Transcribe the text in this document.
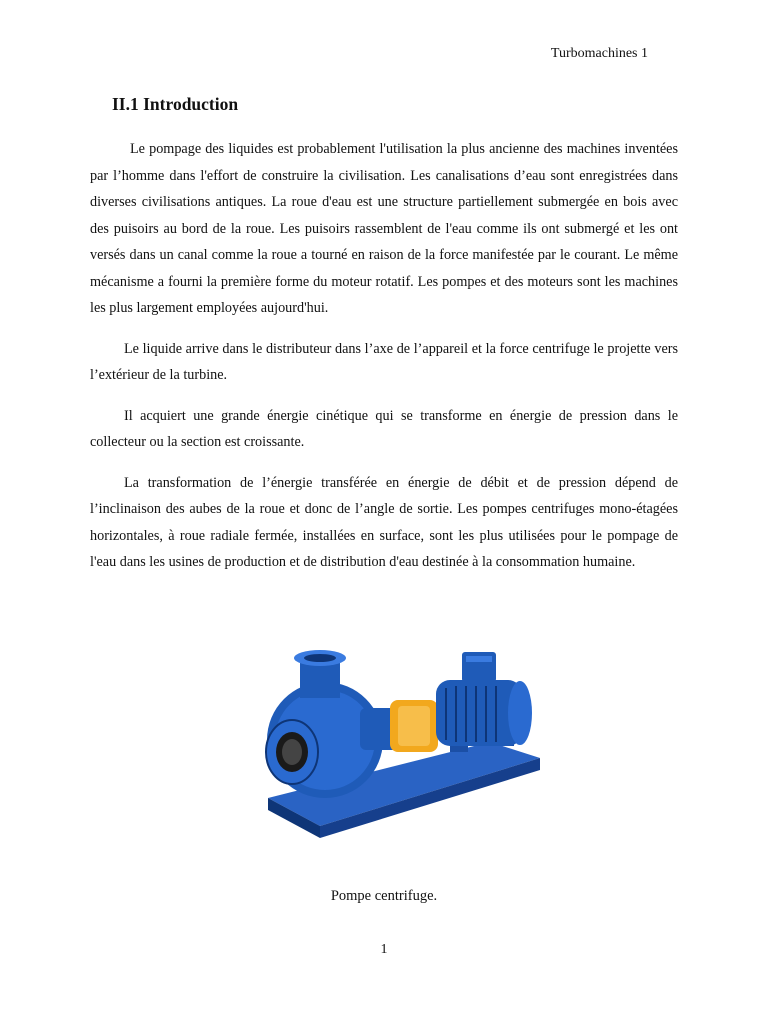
Turbomachines 1
II.1 Introduction

Le pompage des liquides est probablement l'utilisation la plus ancienne des machines inventées par l’homme dans l'effort de construire la civilisation. Les canalisations d’eau sont enregistrées dans diverses civilisations antiques. La roue d'eau est une structure partiellement submergée en bois avec des puisoirs au bord de la roue. Les puisoirs rassemblent de l'eau comme ils ont submergé et les ont versés dans un canal comme la roue a tourné en raison de la force manifestée par le courant. Le même mécanisme a fourni la première forme du moteur rotatif. Les pompes et des moteurs sont les machines les plus largement employées aujourd'hui.

Le liquide arrive dans le distributeur dans l’axe de l’appareil et la force centrifuge le projette vers l’extérieur de la turbine.

Il acquiert une grande énergie cinétique qui se transforme en énergie de pression dans le collecteur ou la section est croissante.

La transformation de l’énergie transférée en énergie de débit et de pression dépend de l’inclinaison des aubes de la roue et donc de l’angle de sortie. Les pompes centrifuges mono-étagées horizontales, à roue radiale fermée, installées en surface, sont les plus utilisées pour le pompage de l'eau dans les usines de production et de distribution d'eau destinée à la consommation humaine.

Pompe centrifuge.
1
